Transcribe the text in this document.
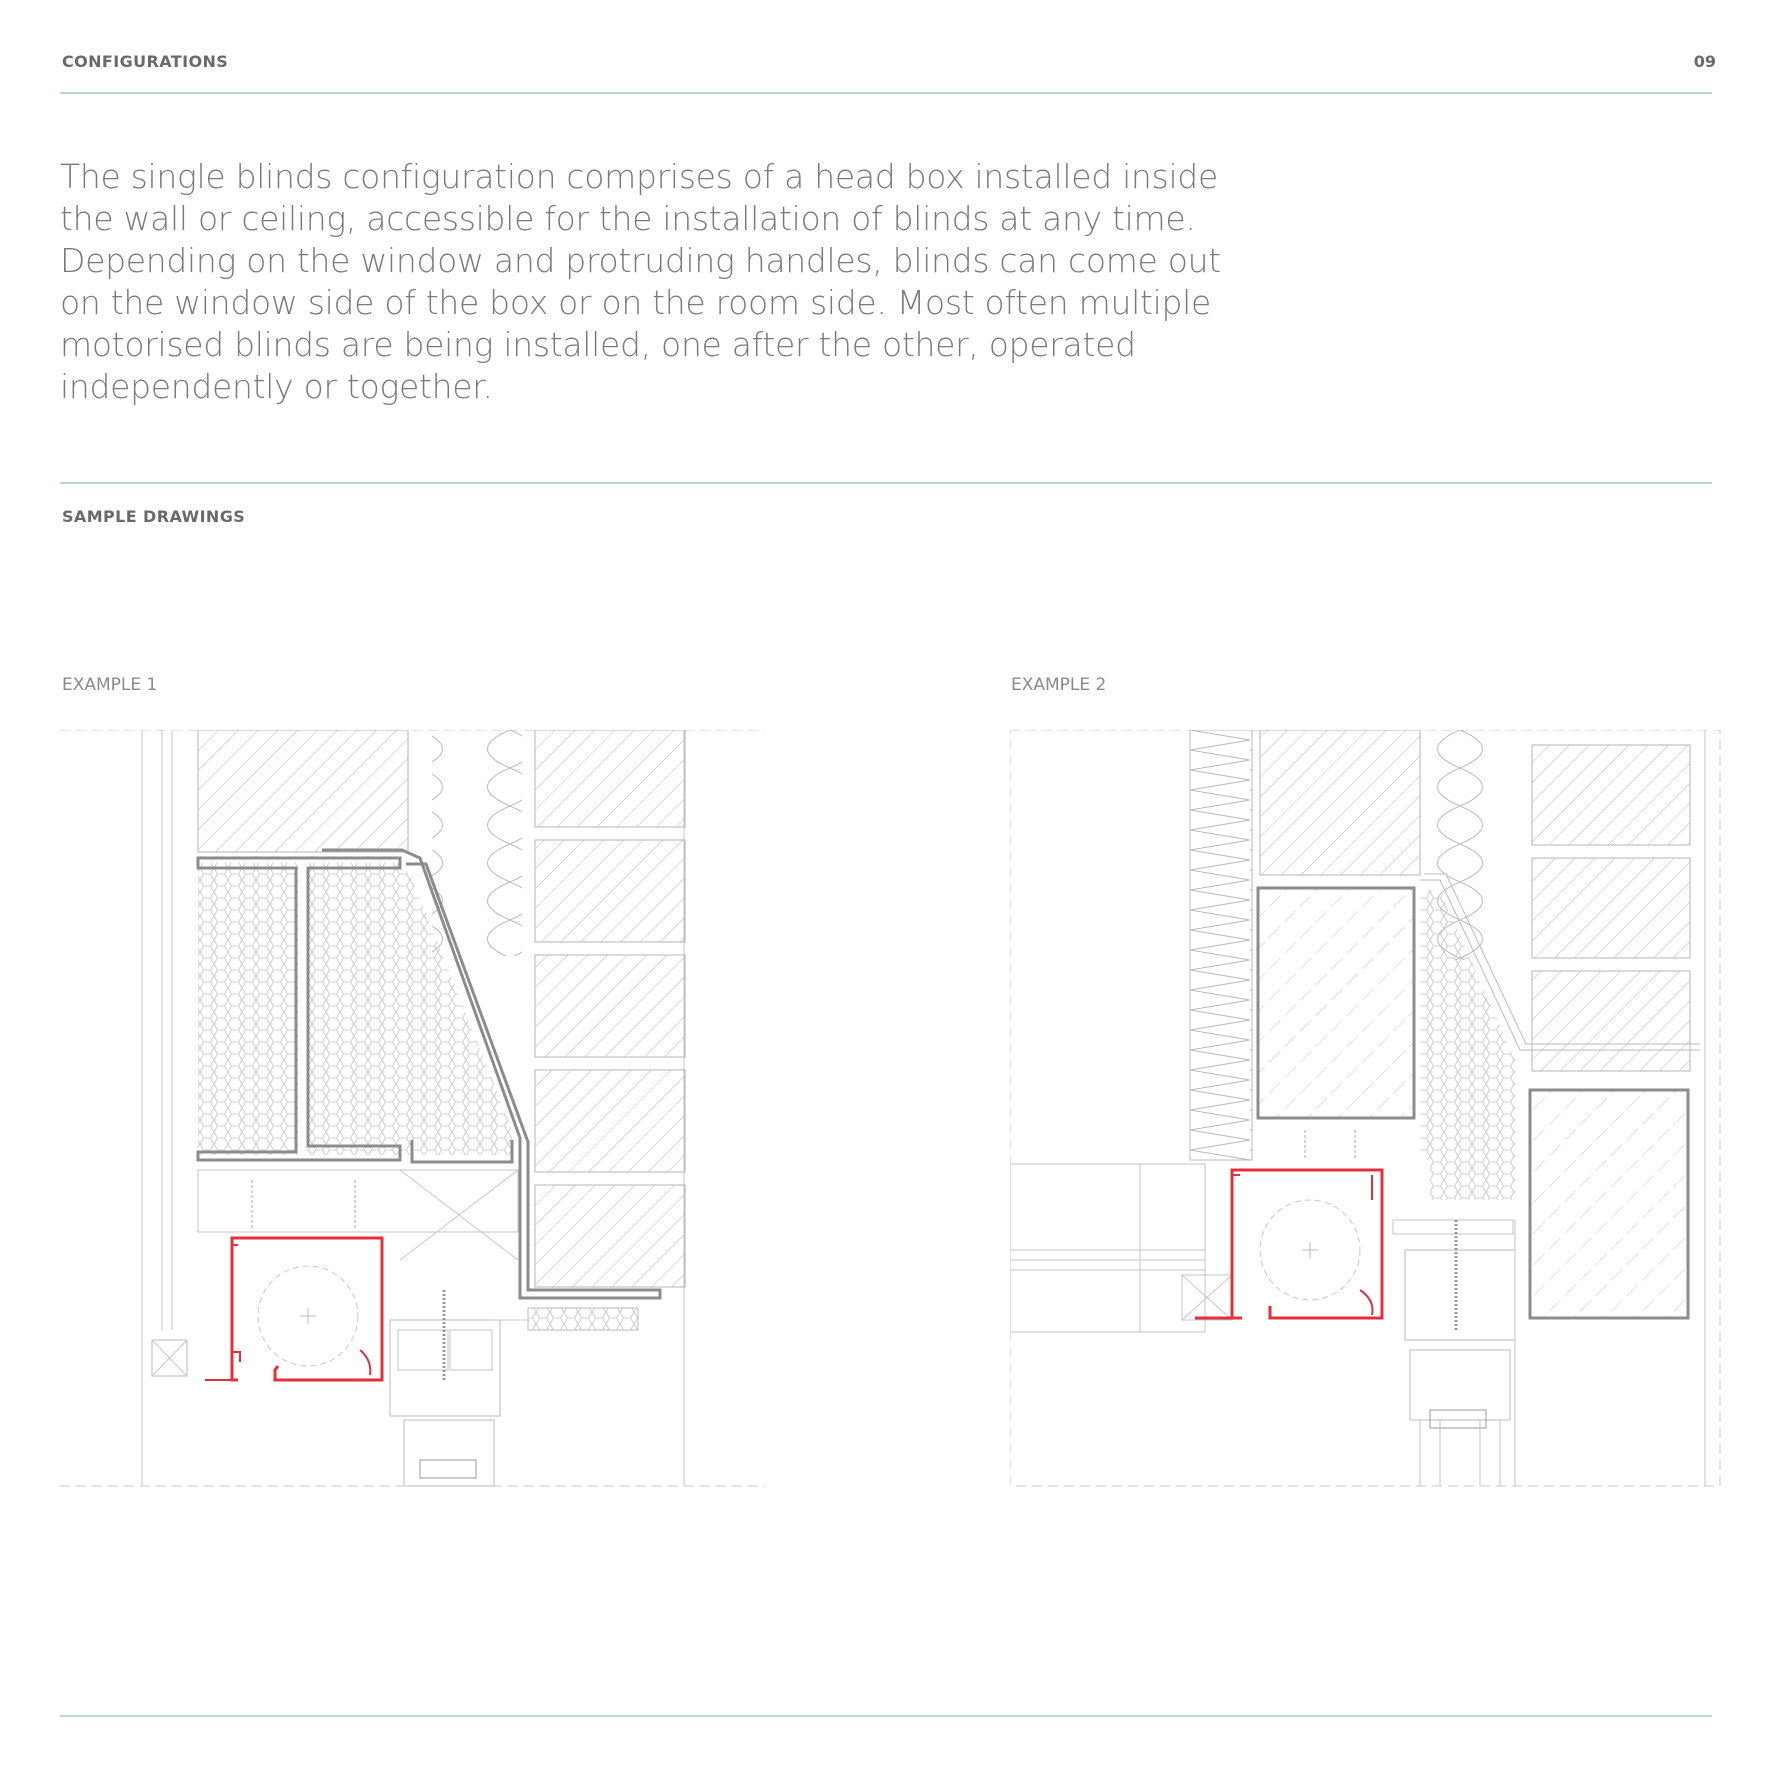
CONFIGURATIONS	09
The single blinds configuration comprises of a head box installed inside the wall or ceiling, accessible for the installation of blinds at any time. Depending on the window and protruding handles, blinds can come out on the window side of the box or on the room side. Most often multiple motorised blinds are being installed, one after the other, operated independently or together.
SAMPLE DRAWINGS
EXAMPLE 1	EXAMPLE 2
